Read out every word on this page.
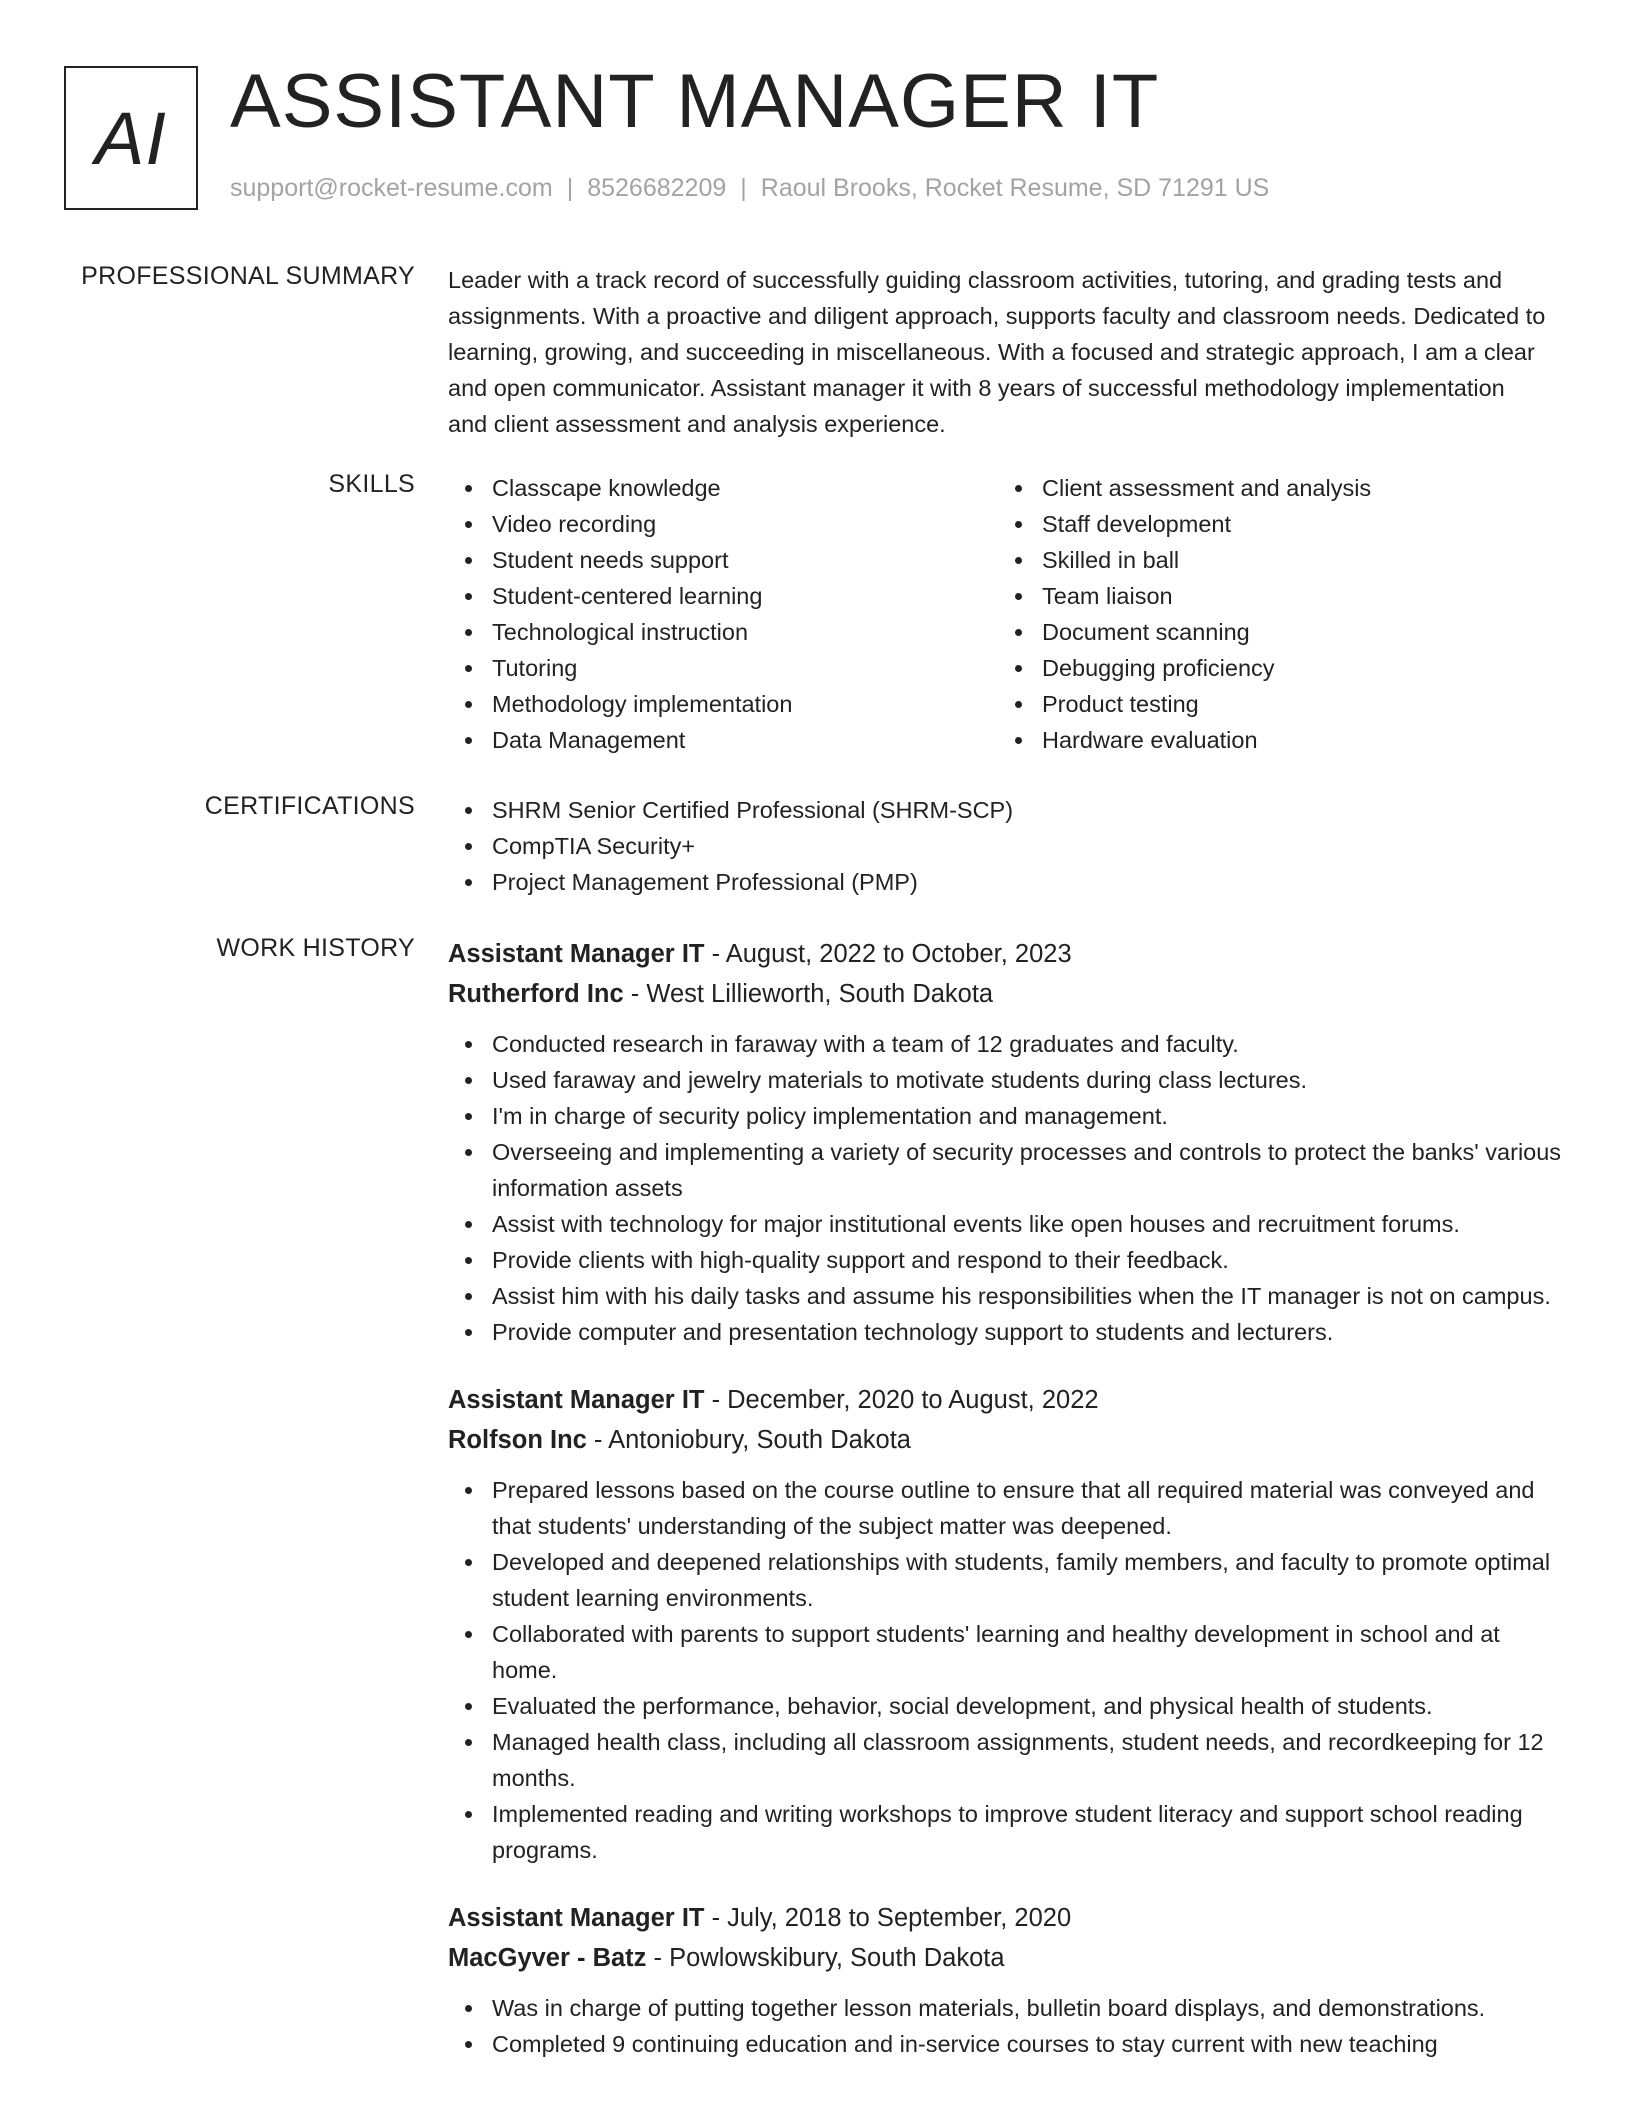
AI ASSISTANT MANAGER IT
support@rocket-resume.com | 8526682209 | Raoul Brooks, Rocket Resume, SD 71291 US
PROFESSIONAL SUMMARY Leader with a track record of successfully guiding classroom activities, tutoring, and grading tests and assignments. With a proactive and diligent approach, supports faculty and classroom needs. Dedicated to learning, growing, and succeeding in miscellaneous. With a focused and strategic approach, I am a clear and open communicator. Assistant manager it with 8 years of successful methodology implementation and client assessment and analysis experience.
SKILLS	Classcape knowledge
Video recording
Student needs support
Student-centered learning
Technological instruction
Tutoring
Methodology implementation
Data Management
Client assessment and analysis
Staff development
Skilled in ball
Team liaison
Document scanning
Debugging proficiency
Product testing
Hardware evaluation
CERTIFICATIONS	SHRM Senior Certified Professional (SHRM-SCP)
CompTIA Security+
Project Management Professional (PMP)
WORK HISTORY Assistant Manager IT - August, 2022 to October, 2023
Rutherford Inc - West Lillieworth, South Dakota
Conducted research in faraway with a team of 12 graduates and faculty.
Used faraway and jewelry materials to motivate students during class lectures.
I'm in charge of security policy implementation and management.
Overseeing and implementing a variety of security processes and controls to protect the banks' various information assets
Assist with technology for major institutional events like open houses and recruitment forums.
Provide clients with high-quality support and respond to their feedback.
Assist him with his daily tasks and assume his responsibilities when the IT manager is not on campus.
Provide computer and presentation technology support to students and lecturers.
Assistant Manager IT - December, 2020 to August, 2022
Rolfson Inc - Antoniobury, South Dakota
Prepared lessons based on the course outline to ensure that all required material was conveyed and that students' understanding of the subject matter was deepened.
Developed and deepened relationships with students, family members, and faculty to promote optimal student learning environments.
Collaborated with parents to support students' learning and healthy development in school and at home.
Evaluated the performance, behavior, social development, and physical health of students.
Managed health class, including all classroom assignments, student needs, and recordkeeping for 12 months.
Implemented reading and writing workshops to improve student literacy and support school reading programs.
Assistant Manager IT - July, 2018 to September, 2020
MacGyver - Batz - Powlowskibury, South Dakota
Was in charge of putting together lesson materials, bulletin board displays, and demonstrations.
Completed 9 continuing education and in-service courses to stay current with new teaching
